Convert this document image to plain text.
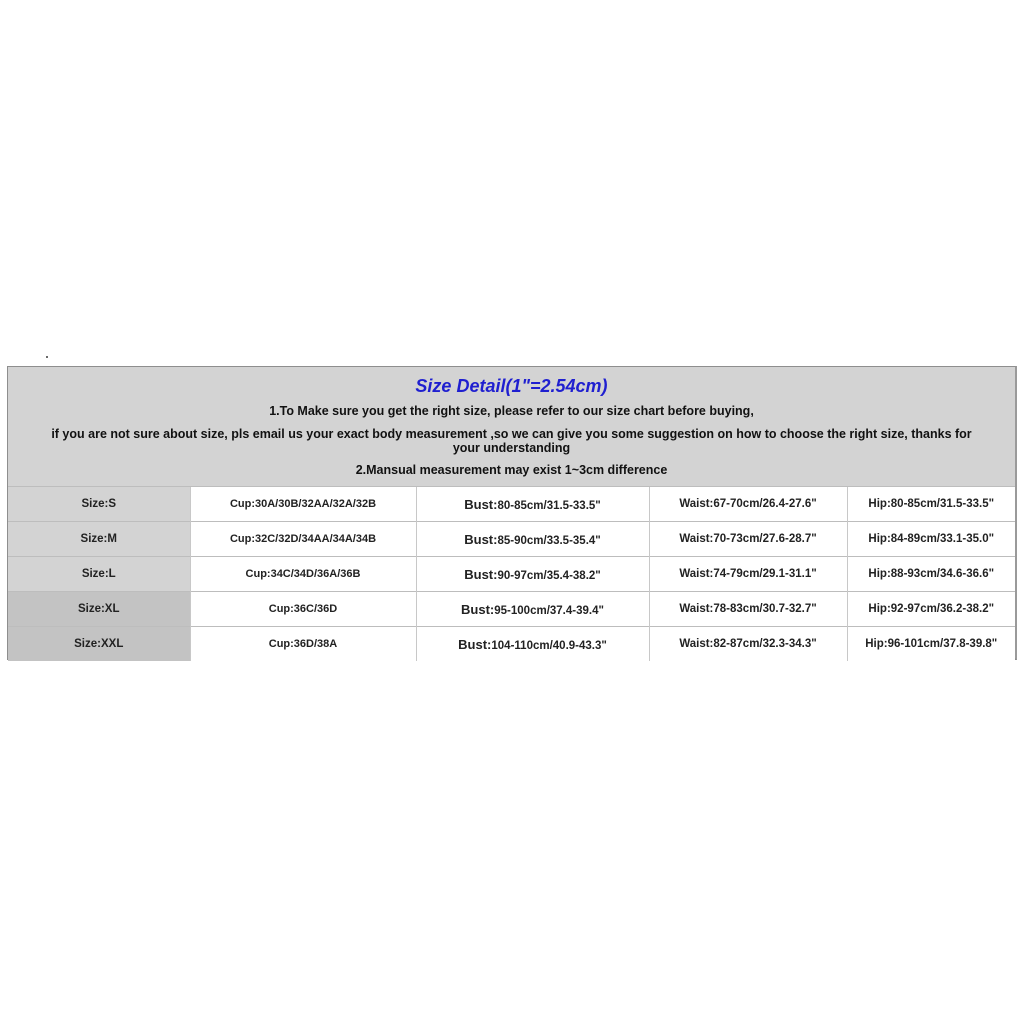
Size Detail(1"=2.54cm)
1.To Make sure you get the right size, please refer to our size chart before buying,
if you are not sure about size, pls email us your exact body measurement ,so we can give you some suggestion on how to choose the right size, thanks for your understanding
2.Mansual measurement may exist 1~3cm difference
Size:S	Cup:30A/30B/32AA/32A/32B	Bust:80-85cm/31.5-33.5"	Waist:67-70cm/26.4-27.6"	Hip:80-85cm/31.5-33.5"
Size:M	Cup:32C/32D/34AA/34A/34B	Bust:85-90cm/33.5-35.4"	Waist:70-73cm/27.6-28.7"	Hip:84-89cm/33.1-35.0"
Size:L	Cup:34C/34D/36A/36B	Bust:90-97cm/35.4-38.2"	Waist:74-79cm/29.1-31.1"	Hip:88-93cm/34.6-36.6"
Size:XL	Cup:36C/36D	Bust:95-100cm/37.4-39.4"	Waist:78-83cm/30.7-32.7"	Hip:92-97cm/36.2-38.2"
Size:XXL	Cup:36D/38A	Bust:104-110cm/40.9-43.3"	Waist:82-87cm/32.3-34.3"	Hip:96-101cm/37.8-39.8"
